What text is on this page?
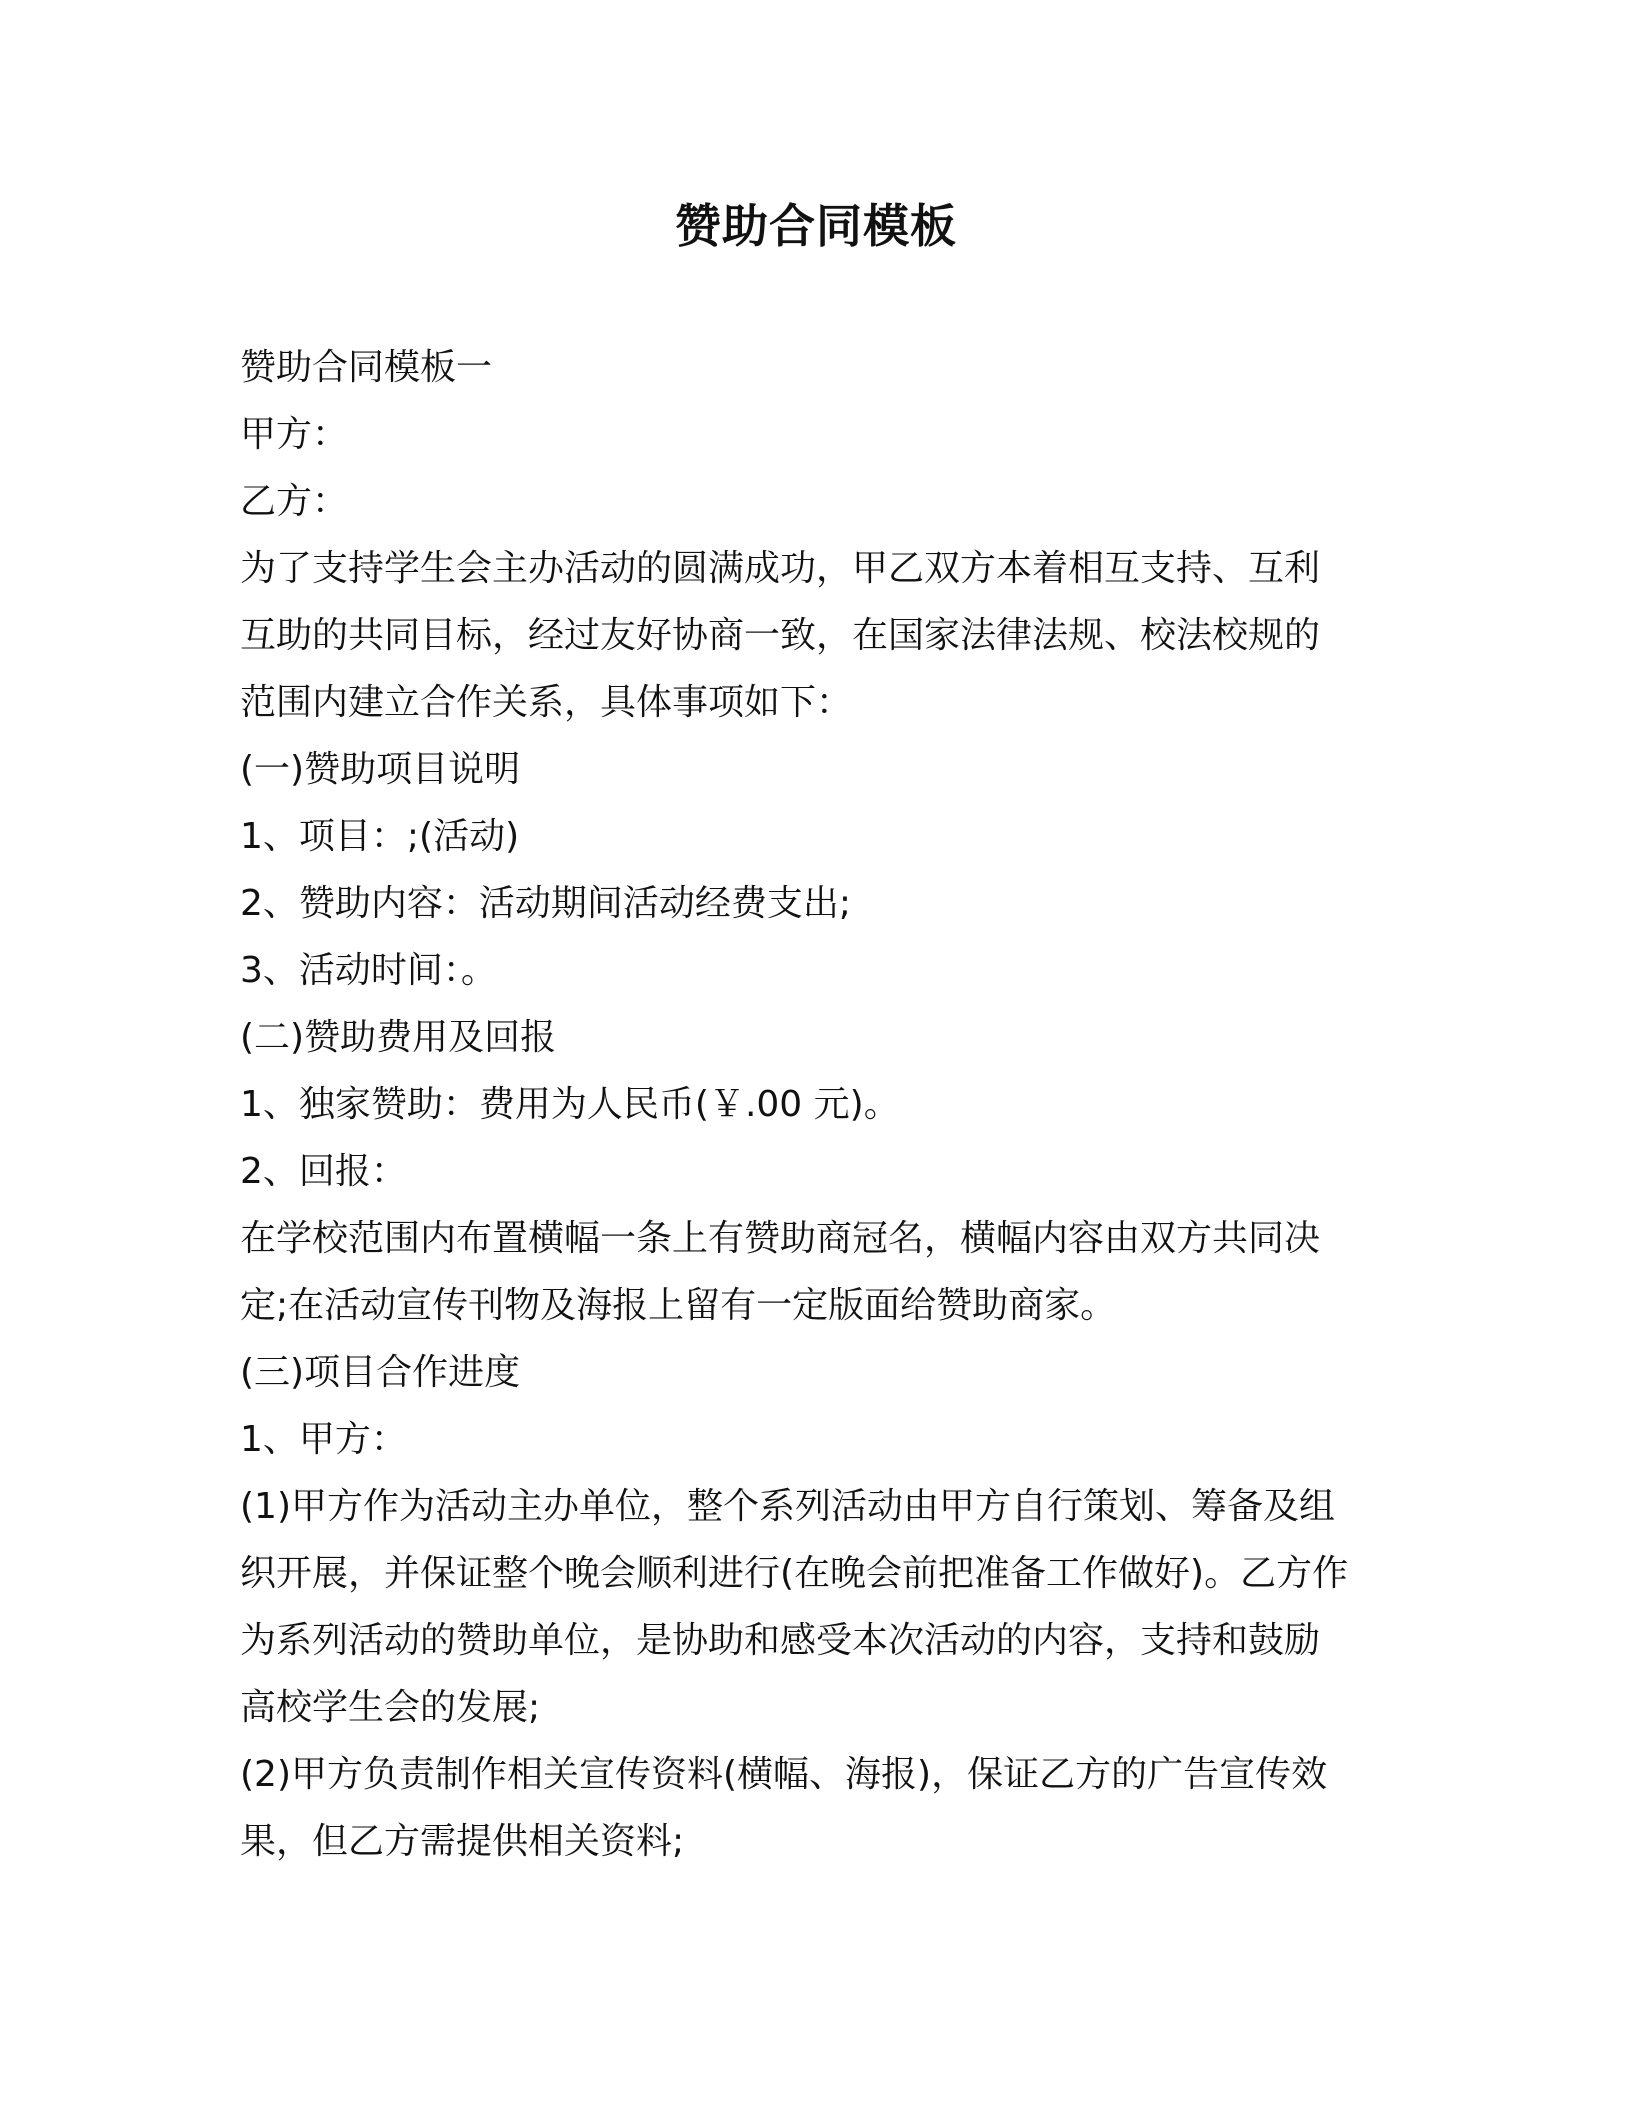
赞助合同模板
赞助合同模板一
甲方：
乙方：
为了支持学生会主办活动的圆满成功，甲乙双方本着相互支持、互利
互助的共同目标，经过友好协商一致，在国家法律法规、校法校规的
范围内建立合作关系，具体事项如下：
(一)赞助项目说明
1、项目：;(活动)
2、赞助内容：活动期间活动经费支出;
3、活动时间：。
(二)赞助费用及回报
1、独家赞助：费用为人民币(￥.00 元)。
2、回报：
在学校范围内布置横幅一条上有赞助商冠名，横幅内容由双方共同决
定;在活动宣传刊物及海报上留有一定版面给赞助商家。
(三)项目合作进度
1、甲方：
(1)甲方作为活动主办单位，整个系列活动由甲方自行策划、筹备及组
织开展，并保证整个晚会顺利进行(在晚会前把准备工作做好)。乙方作
为系列活动的赞助单位，是协助和感受本次活动的内容，支持和鼓励
高校学生会的发展;
(2)甲方负责制作相关宣传资料(横幅、海报)，保证乙方的广告宣传效
果，但乙方需提供相关资料;
